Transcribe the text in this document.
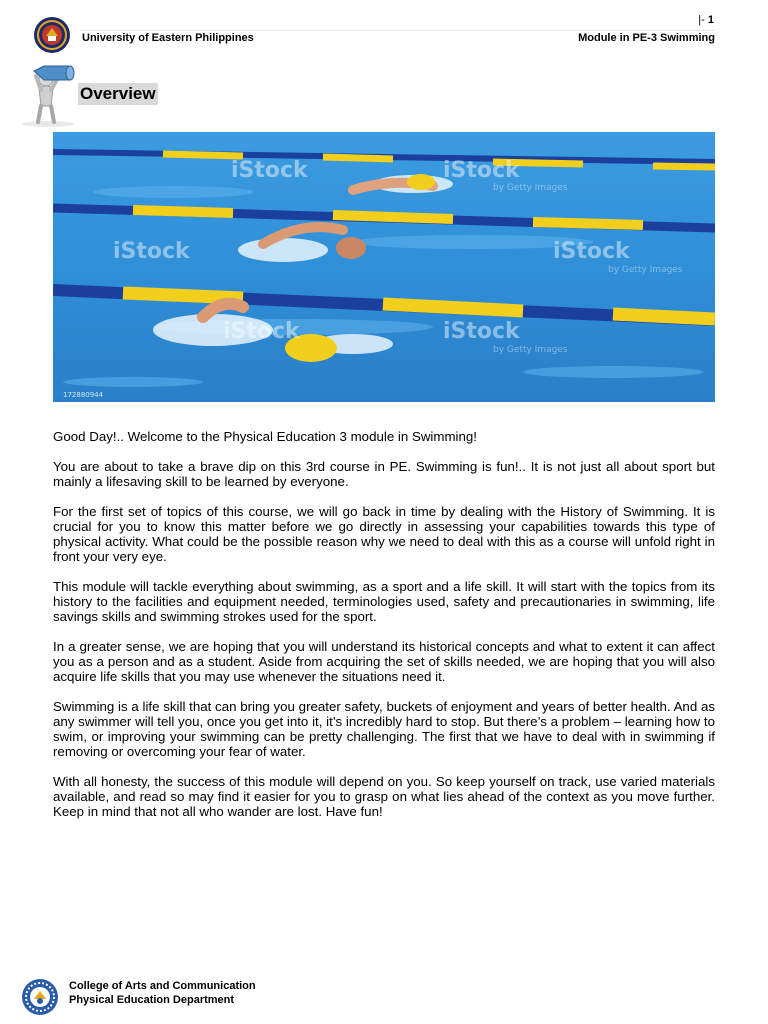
|- 1
University of Eastern Philippines	Module in PE-3 Swimming
Overview
iStock	iStock
iStock	iStock
iStock	iStock
by Getty Images
by Getty Images
by Getty Images
172880944

Good Day!.. Welcome to the Physical Education 3 module in Swimming!

You are about to take a brave dip on this 3rd course in PE. Swimming is fun!.. It is not just all about sport but mainly a lifesaving skill to be learned by everyone.

For the first set of topics of this course, we will go back in time by dealing with the History of Swimming. It is crucial for you to know this matter before we go directly in assessing your capabilities towards this type of physical activity. What could be the possible reason why we need to deal with this as a course will unfold right in front your very eye.

This module will tackle everything about swimming, as a sport and a life skill. It will start with the topics from its history to the facilities and equipment needed, terminologies used, safety and precautionaries in swimming, life savings skills and swimming strokes used for the sport.

In a greater sense, we are hoping that you will understand its historical concepts and what to extent it can affect you as a person and as a student. Aside from acquiring the set of skills needed, we are hoping that you will also acquire life skills that you may use whenever the situations need it.

Swimming is a life skill that can bring you greater safety, buckets of enjoyment and years of better health. And as any swimmer will tell you, once you get into it, it’s incredibly hard to stop. But there’s a problem – learning how to swim, or improving your swimming can be pretty challenging. The first that we have to deal with in swimming if removing or overcoming your fear of water.

With all honesty, the success of this module will depend on you. So keep yourself on track, use varied materials available, and read so may find it easier for you to grasp on what lies ahead of the context as you move further. Keep in mind that not all who wander are lost. Have fun!

College of Arts and Communication
Physical Education Department
